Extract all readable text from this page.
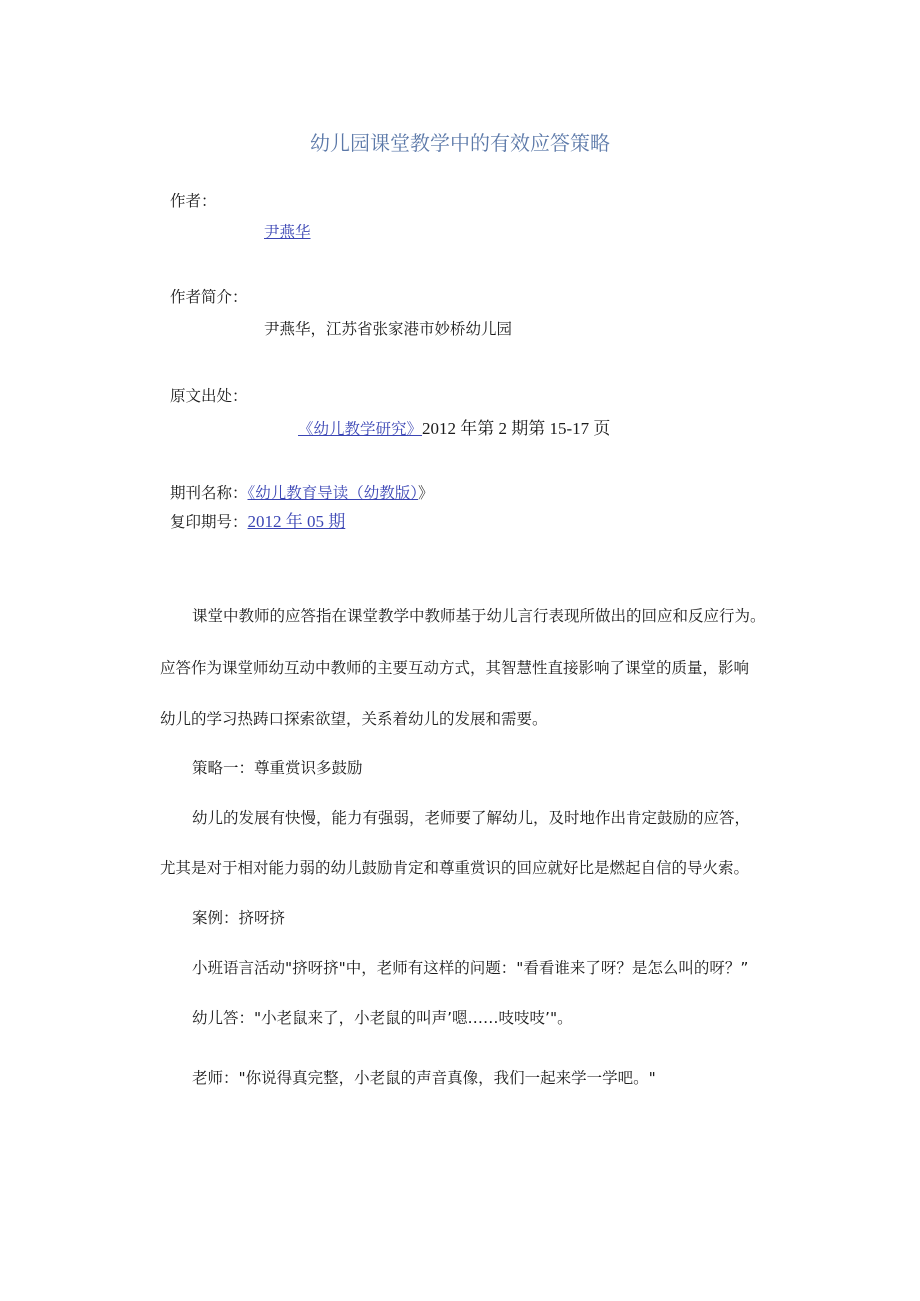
幼儿园课堂教学中的有效应答策略
作者：
尹燕华
作者简介：
尹燕华，江苏省张家港市妙桥幼儿园
原文出处：
《幼儿教学研究》2012 年第 2 期第 15-17 页
期刊名称：《幼儿教育导读（幼教版）》
复印期号：2012 年 05 期
课堂中教师的应答指在课堂教学中教师基于幼儿言行表现所做出的回应和反应行为。
应答作为课堂师幼互动中教师的主要互动方式，其智慧性直接影响了课堂的质量，影响
幼儿的学习热踌口探索欲望，关系着幼儿的发展和需要。
策略一：尊重赏识多鼓励
幼儿的发展有快慢，能力有强弱，老师要了解幼儿，及时地作出肯定鼓励的应答，
尤其是对于相对能力弱的幼儿鼓励肯定和尊重赏识的回应就好比是燃起自信的导火索。
案例：挤呀挤
小班语言活动"挤呀挤"中，老师有这样的问题："看看谁来了呀？是怎么叫的呀？”
幼儿答："小老鼠来了，小老鼠的叫声’嗯……吱吱吱’"。
老师："你说得真完整，小老鼠的声音真像，我们一起来学一学吧。"
